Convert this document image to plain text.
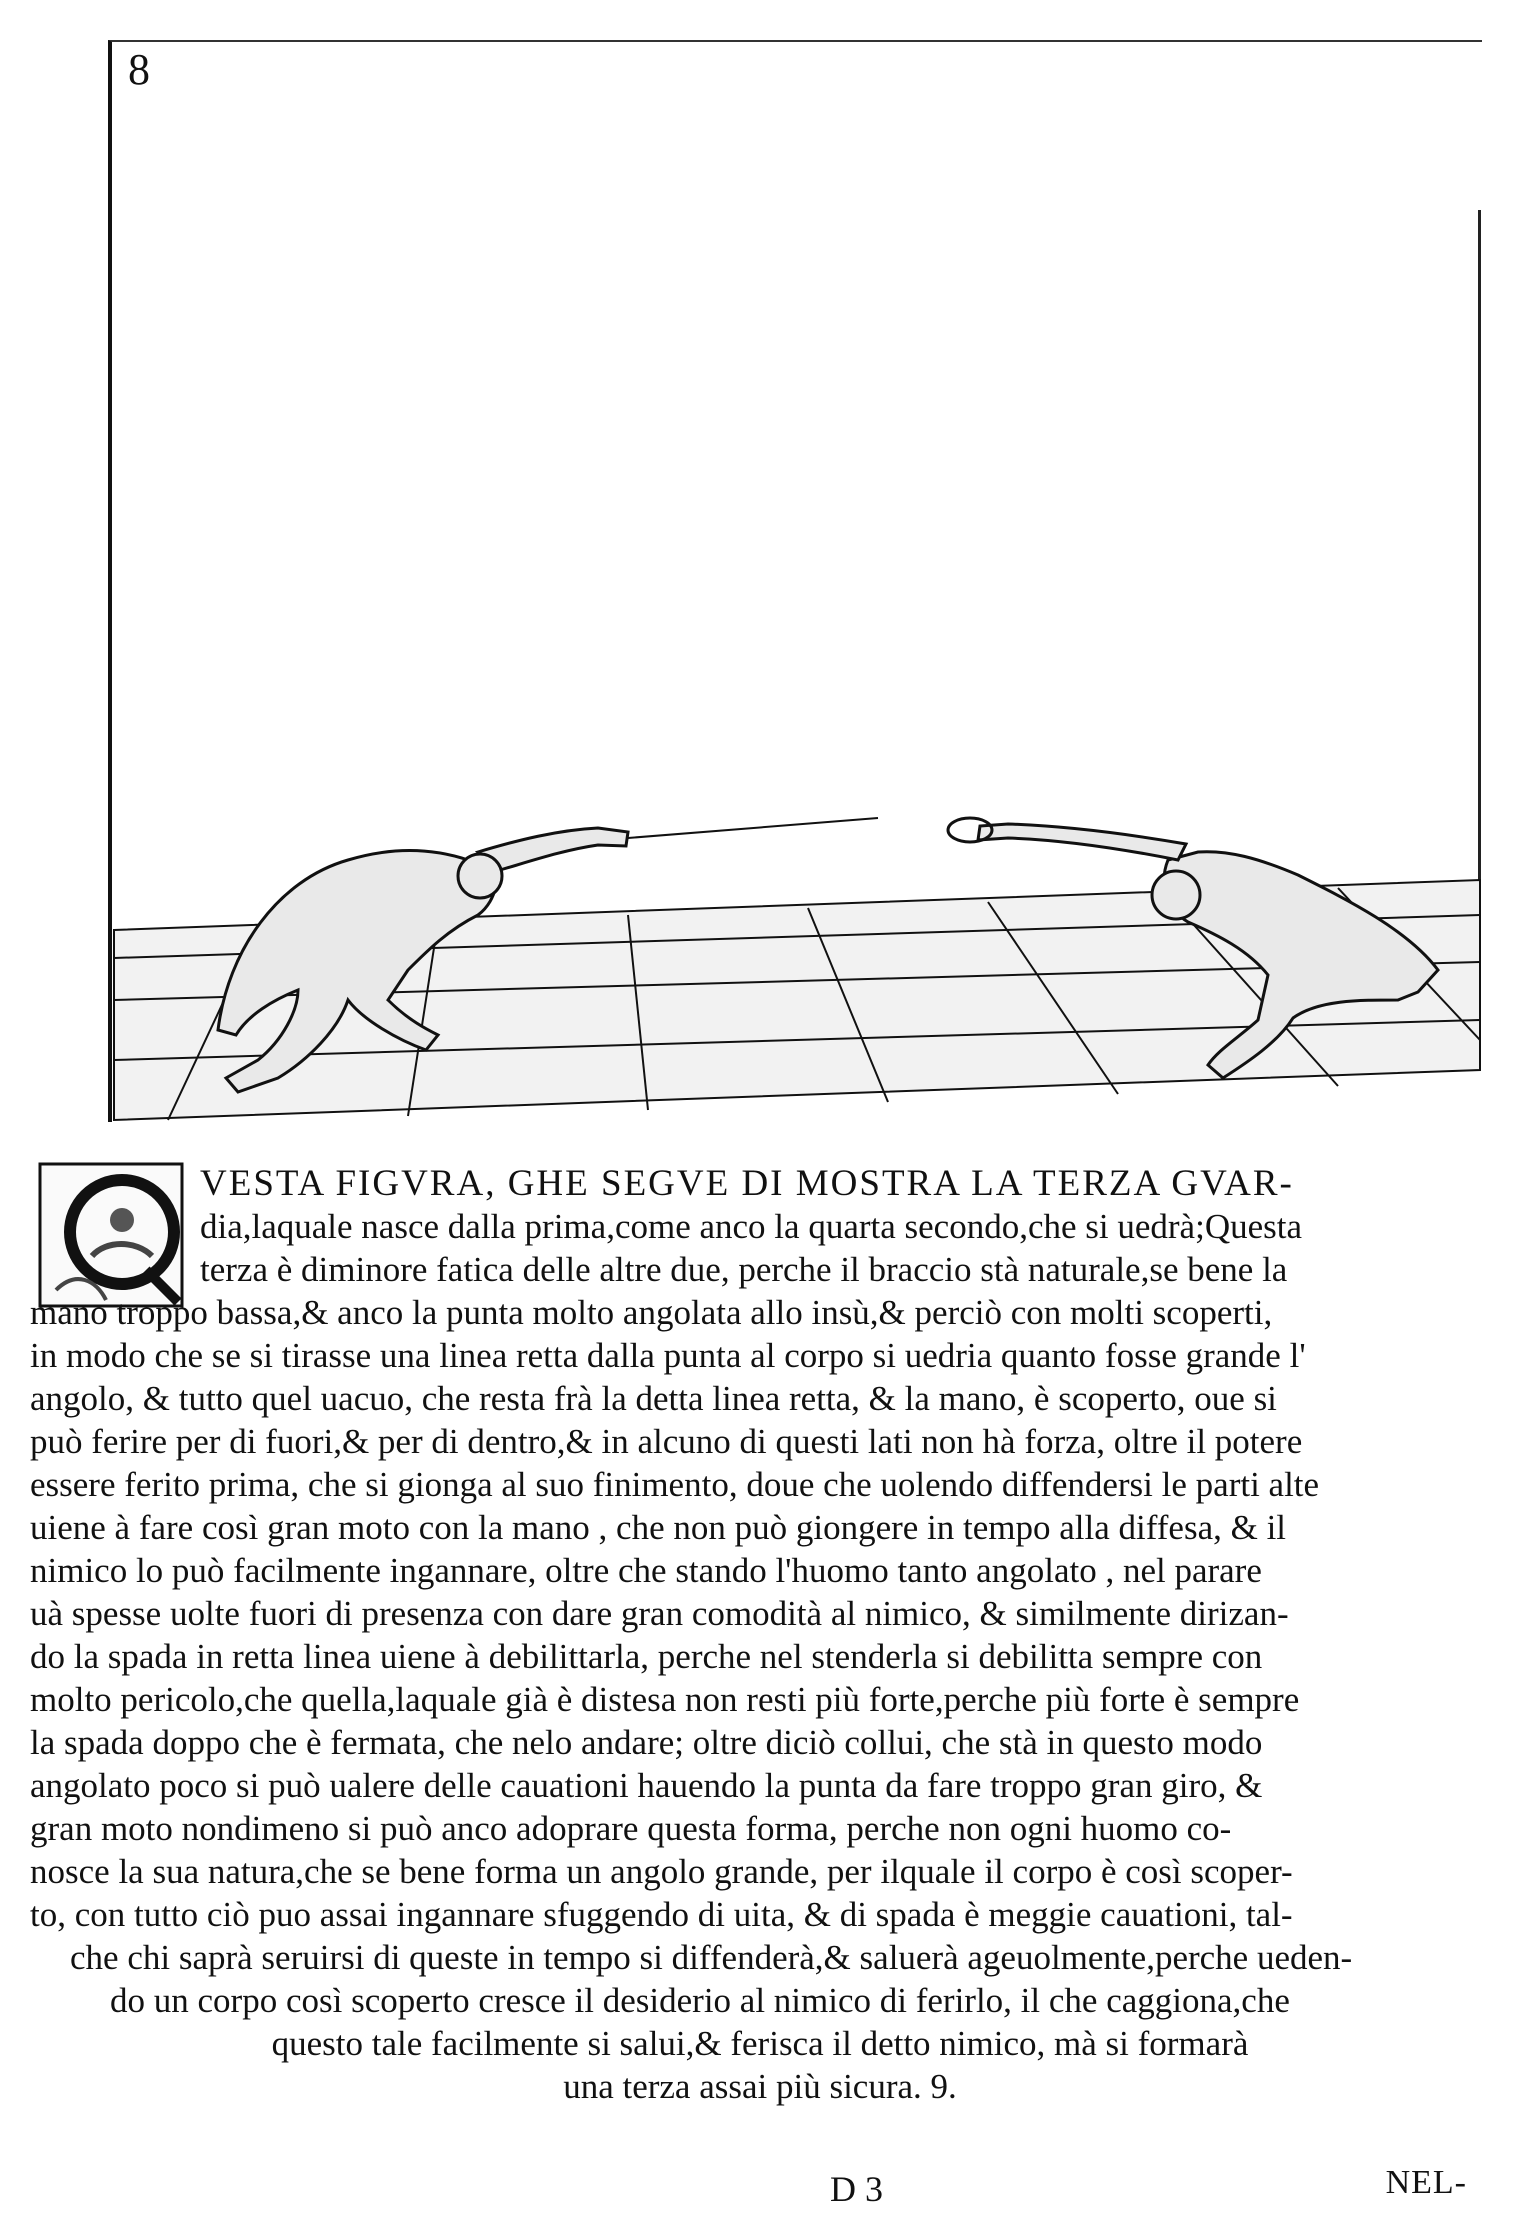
8
VESTA FIGVRA, GHE SEGVE DI MOSTRA LA TERZA GVAR-
dia,laquale nasce dalla prima,come anco la quarta secondo,che si uedrà;Questa
terza è diminore fatica delle altre due, perche il braccio stà naturale,se bene la
mano troppo bassa,& anco la punta molto angolata allo insù,& perciò con molti scoperti,
in modo che se si tirasse una linea retta dalla punta al corpo si uedria quanto fosse grande l'
angolo, & tutto quel uacuo, che resta frà la detta linea retta, & la mano, è scoperto, oue si
può ferire per di fuori,& per di dentro,& in alcuno di questi lati non hà forza, oltre il potere
essere ferito prima, che si gionga al suo finimento, doue che uolendo diffendersi le parti alte
uiene à fare così gran moto con la mano , che non può giongere in tempo alla diffesa, & il
nimico lo può facilmente ingannare, oltre che stando l'huomo tanto angolato , nel parare
uà spesse uolte fuori di presenza con dare gran comodità al nimico, & similmente dirizan-
do la spada in retta linea uiene à debilittarla, perche nel stenderla si debilitta sempre con
molto pericolo,che quella,laquale già è distesa non resti più forte,perche più forte è sempre
la spada doppo che è fermata, che nelo andare; oltre diciò collui, che stà in questo modo
angolato poco si può ualere delle cauationi hauendo la punta da fare troppo gran giro, &
gran moto nondimeno si può anco adoprare questa forma, perche non ogni huomo co-
nosce la sua natura,che se bene forma un angolo grande, per ilquale il corpo è così scoper-
to, con tutto ciò puo assai ingannare sfuggendo di uita, & di spada è meggie cauationi, tal-
che chi saprà seruirsi di queste in tempo si diffenderà,& saluerà ageuolmente,perche ueden-
do un corpo così scoperto cresce il desiderio al nimico di ferirlo, il che caggiona,che
questo tale facilmente si salui,& ferisca il detto nimico, mà si formarà
una terza assai più sicura. 9.
D 3	NEL-
